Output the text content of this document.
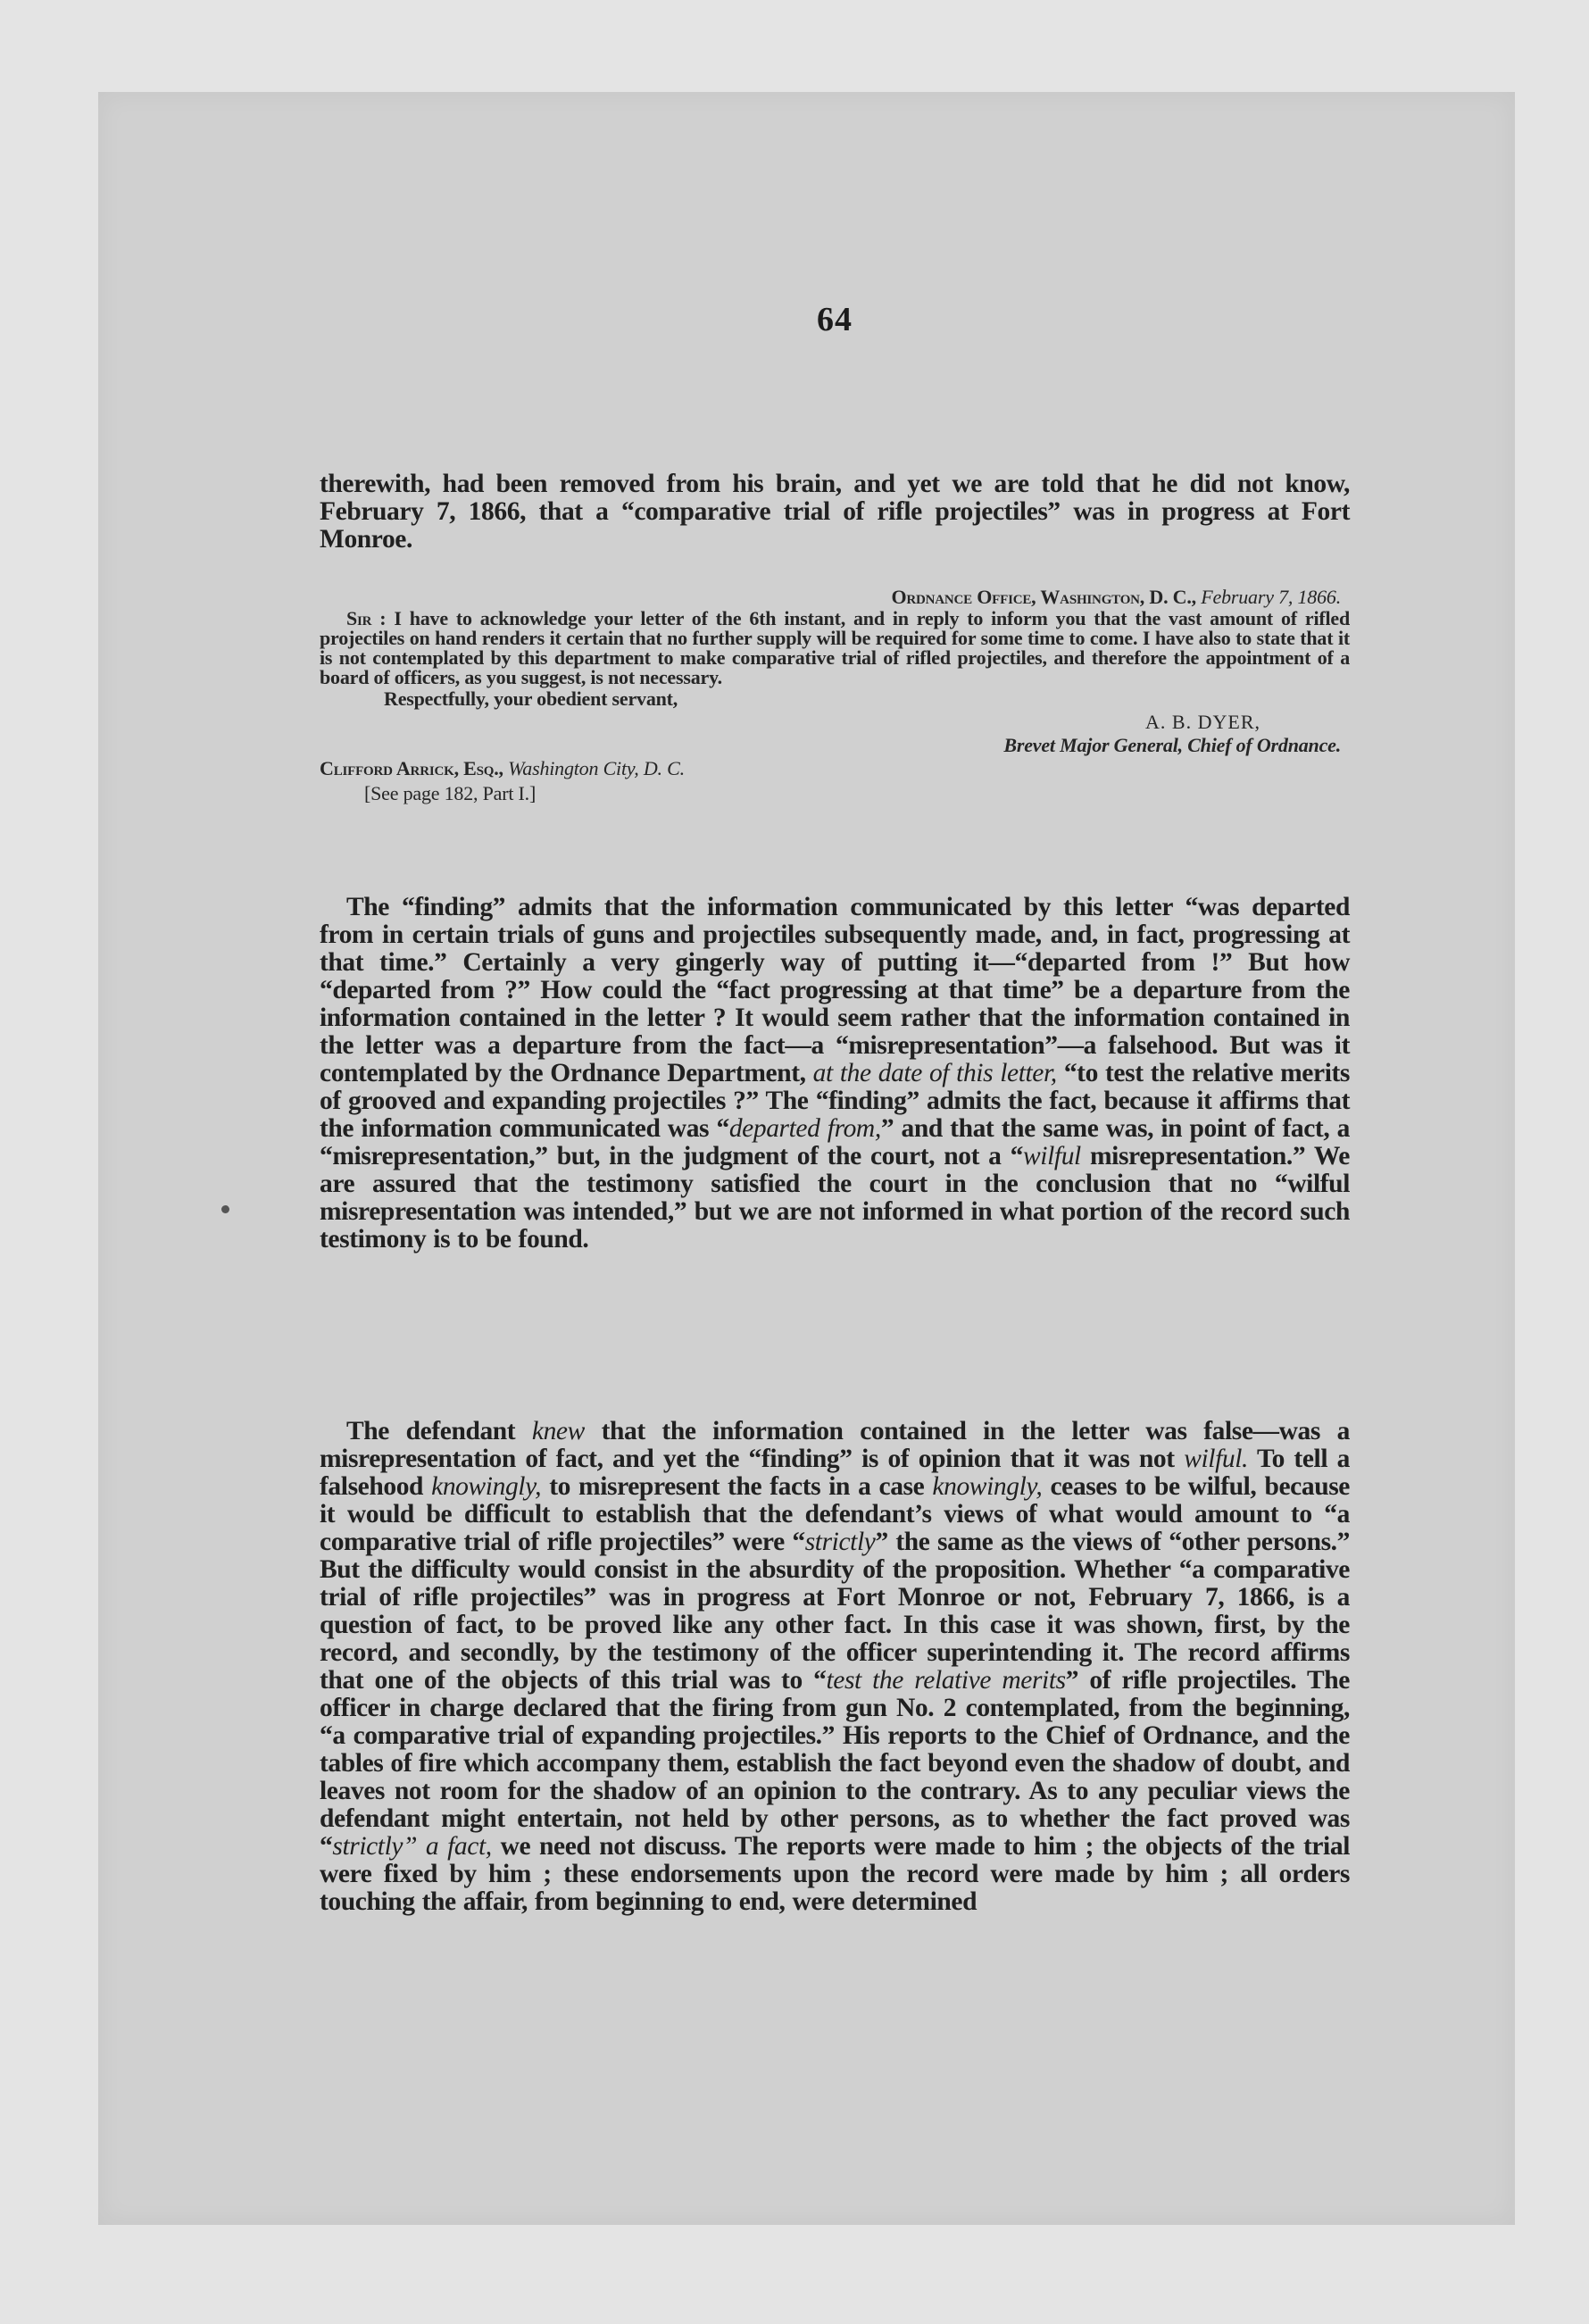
64
therewith, had been removed from his brain, and yet we are told that he did not know, February 7, 1866, that a “comparative trial of rifle projectiles” was in progress at Fort Monroe.
Ordnance Office, Washington, D. C., February 7, 1866.
Sir : I have to acknowledge your letter of the 6th instant, and in reply to inform you that the vast amount of rifled projectiles on hand renders it certain that no further supply will be required for some time to come. I have also to state that it is not contemplated by this department to make comparative trial of rifled projectiles, and therefore the appointment of a board of officers, as you suggest, is not necessary.
Respectfully, your obedient servant,
A. B. DYER,
Brevet Major General, Chief of Ordnance.
Clifford Arrick, Esq., Washington City, D. C.
[See page 182, Part I.]
The “finding” admits that the information communicated by this letter “was departed from in certain trials of guns and projectiles subsequently made, and, in fact, progressing at that time.” Certainly a very gingerly way of putting it—“departed from !” But how “departed from ?” How could the “fact progressing at that time” be a departure from the information contained in the letter ? It would seem rather that the information contained in the letter was a departure from the fact—a “misrepresentation”—a falsehood. But was it contemplated by the Ordnance Department, at the date of this letter, “to test the relative merits of grooved and expanding projectiles ?” The “finding” admits the fact, because it affirms that the information communicated was “departed from,” and that the same was, in point of fact, a “misrepresentation,” but, in the judgment of the court, not a “wilful misrepresentation.” We are assured that the testimony satisfied the court in the conclusion that no “wilful misrepresentation was intended,” but we are not informed in what portion of the record such testimony is to be found.
The defendant knew that the information contained in the letter was false—was a misrepresentation of fact, and yet the “finding” is of opinion that it was not wilful. To tell a falsehood knowingly, to misrepresent the facts in a case knowingly, ceases to be wilful, because it would be difficult to establish that the defendant’s views of what would amount to “a comparative trial of rifle projectiles” were “strictly” the same as the views of “other persons.” But the difficulty would consist in the absurdity of the proposition. Whether “a comparative trial of rifle projectiles” was in progress at Fort Monroe or not, February 7, 1866, is a question of fact, to be proved like any other fact. In this case it was shown, first, by the record, and secondly, by the testimony of the officer superintending it. The record affirms that one of the objects of this trial was to “test the relative merits” of rifle projectiles. The officer in charge declared that the firing from gun No. 2 contemplated, from the beginning, “a comparative trial of expanding projectiles.” His reports to the Chief of Ordnance, and the tables of fire which accompany them, establish the fact beyond even the shadow of doubt, and leaves not room for the shadow of an opinion to the contrary. As to any peculiar views the defendant might entertain, not held by other persons, as to whether the fact proved was “strictly” a fact, we need not discuss. The reports were made to him ; the objects of the trial were fixed by him ; these endorsements upon the record were made by him ; all orders touching the affair, from beginning to end, were determined
